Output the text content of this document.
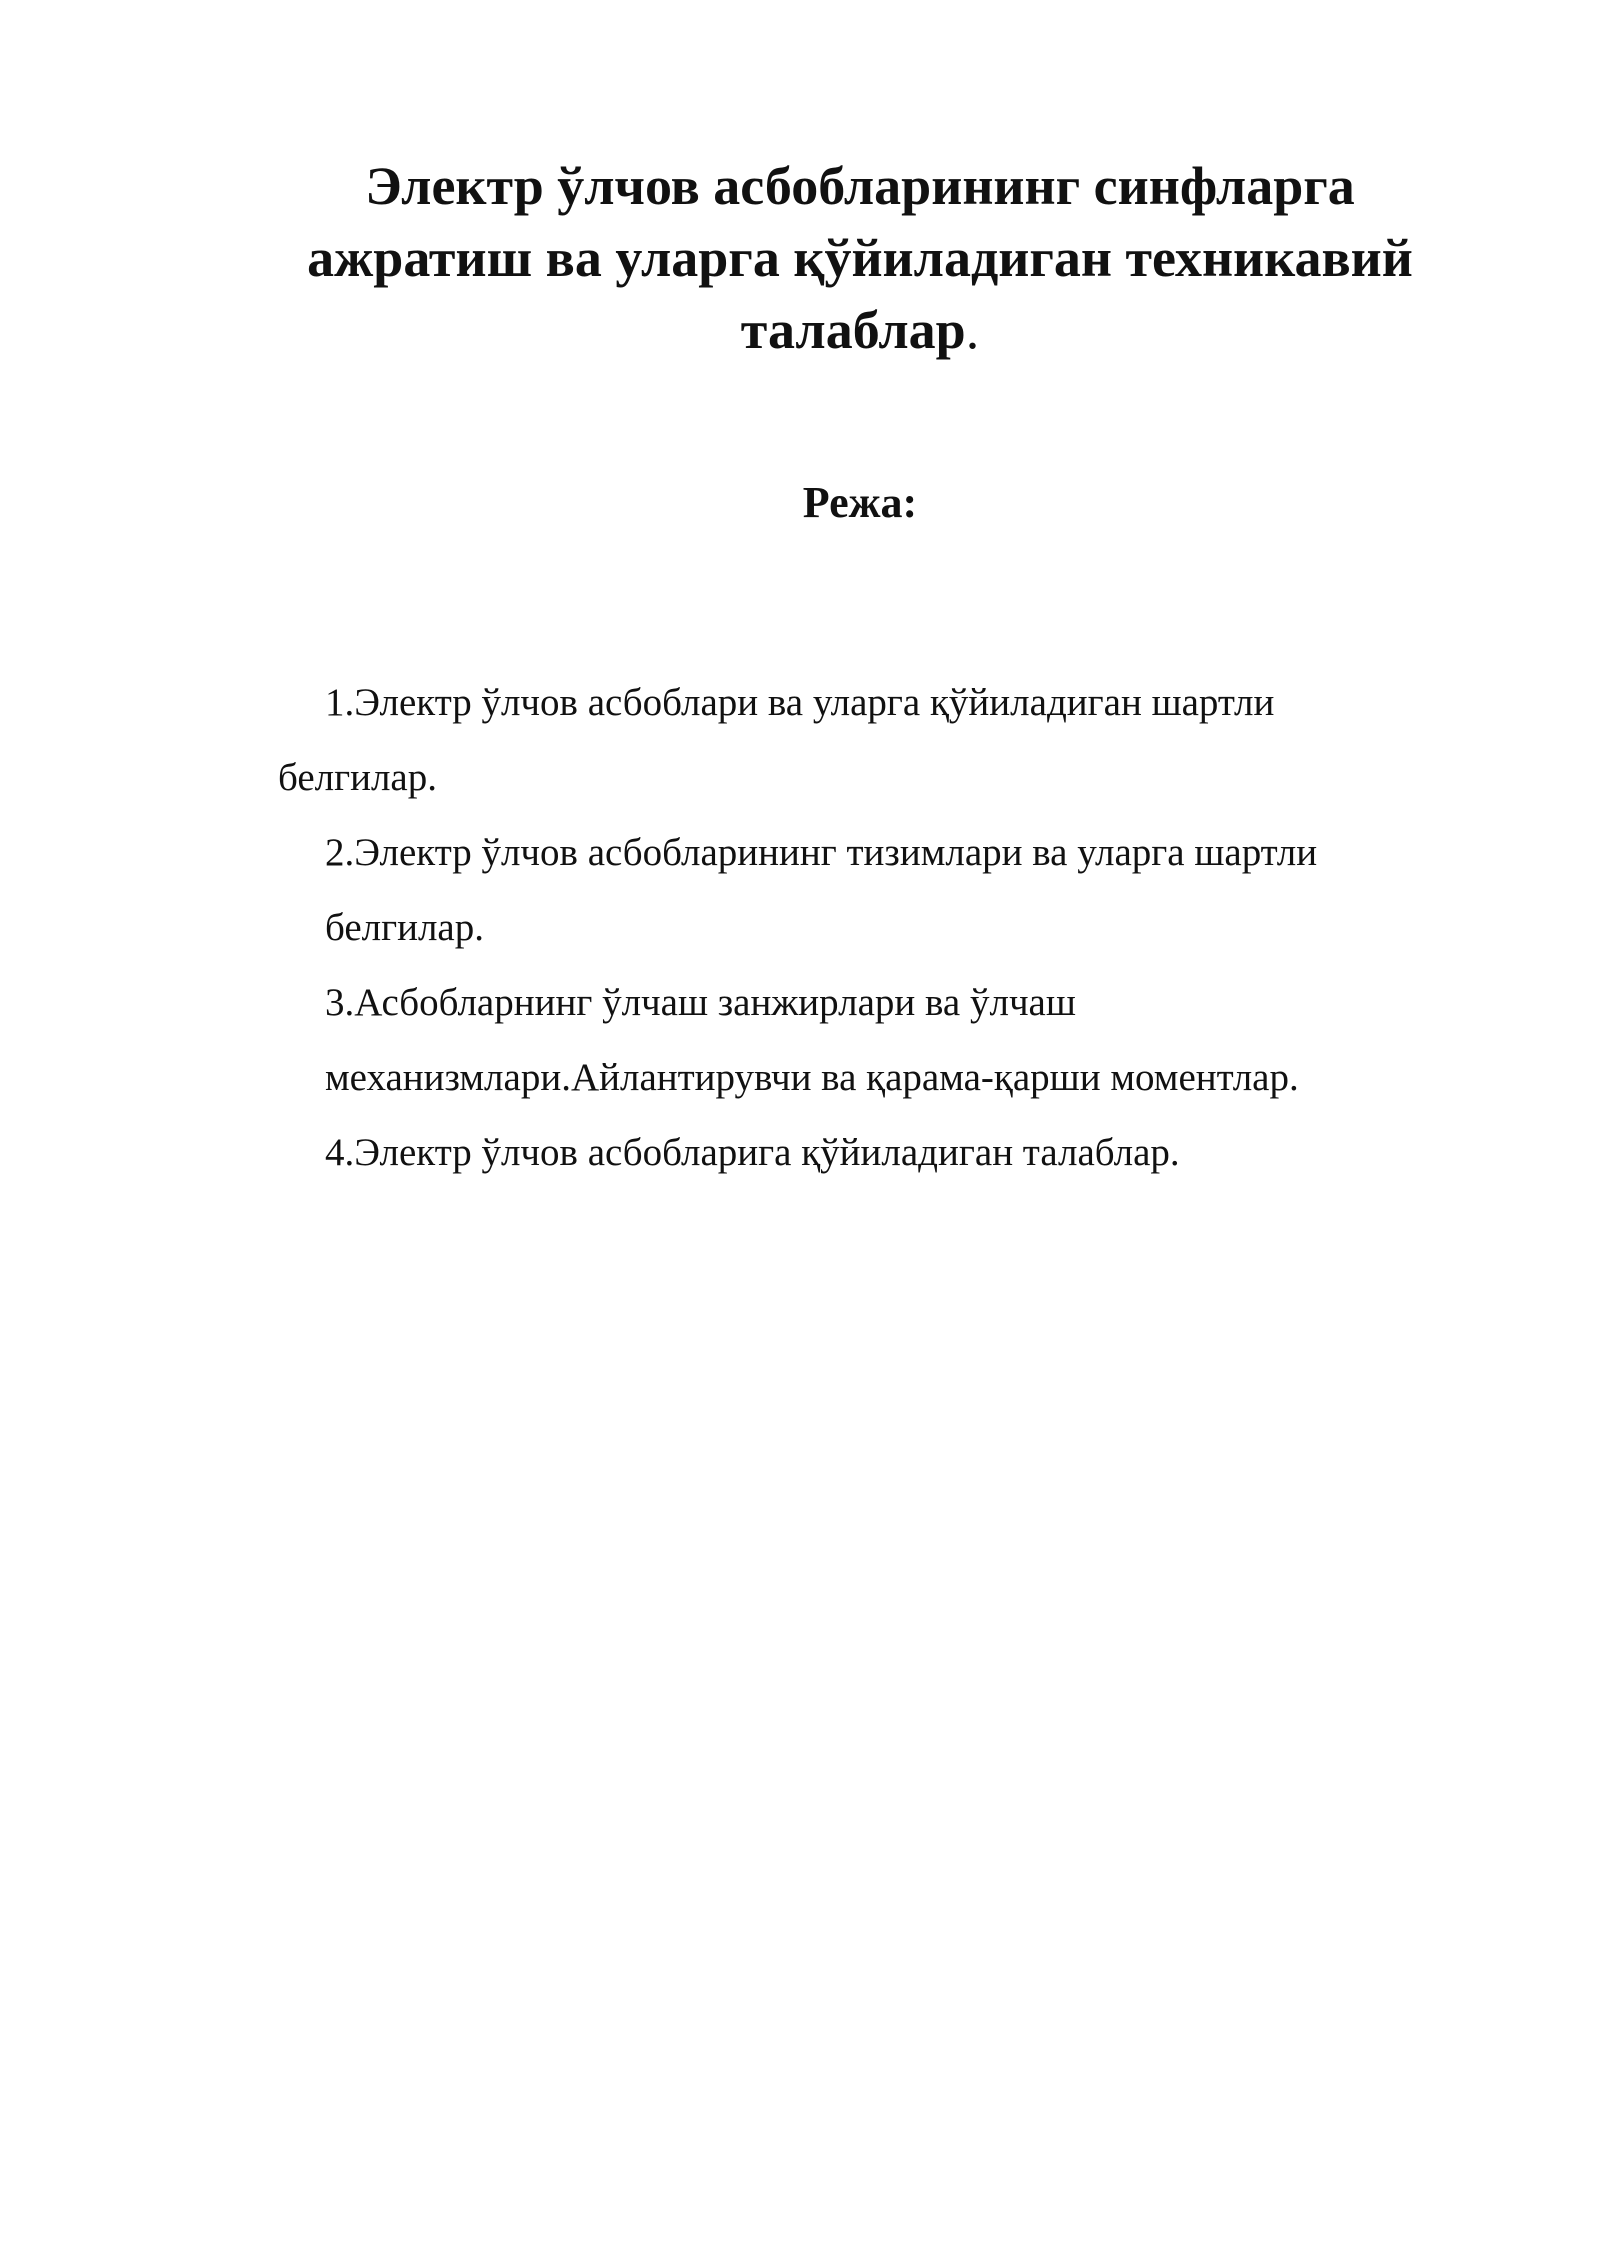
Электр ўлчов асбобларининг синфларга
ажратиш ва уларга қўйиладиган техникавий
талаблар.
Режа:
1.Электр ўлчов асбоблари ва уларга қўйиладиган шартли
белгилар.
2.Электр ўлчов асбобларининг тизимлари ва уларга шартли
белгилар.
3.Асбобларнинг ўлчаш занжирлари ва ўлчаш
механизмлари.Айлантирувчи ва қарама-қарши моментлар.
4.Электр ўлчов асбобларига қўйиладиган талаблар.
